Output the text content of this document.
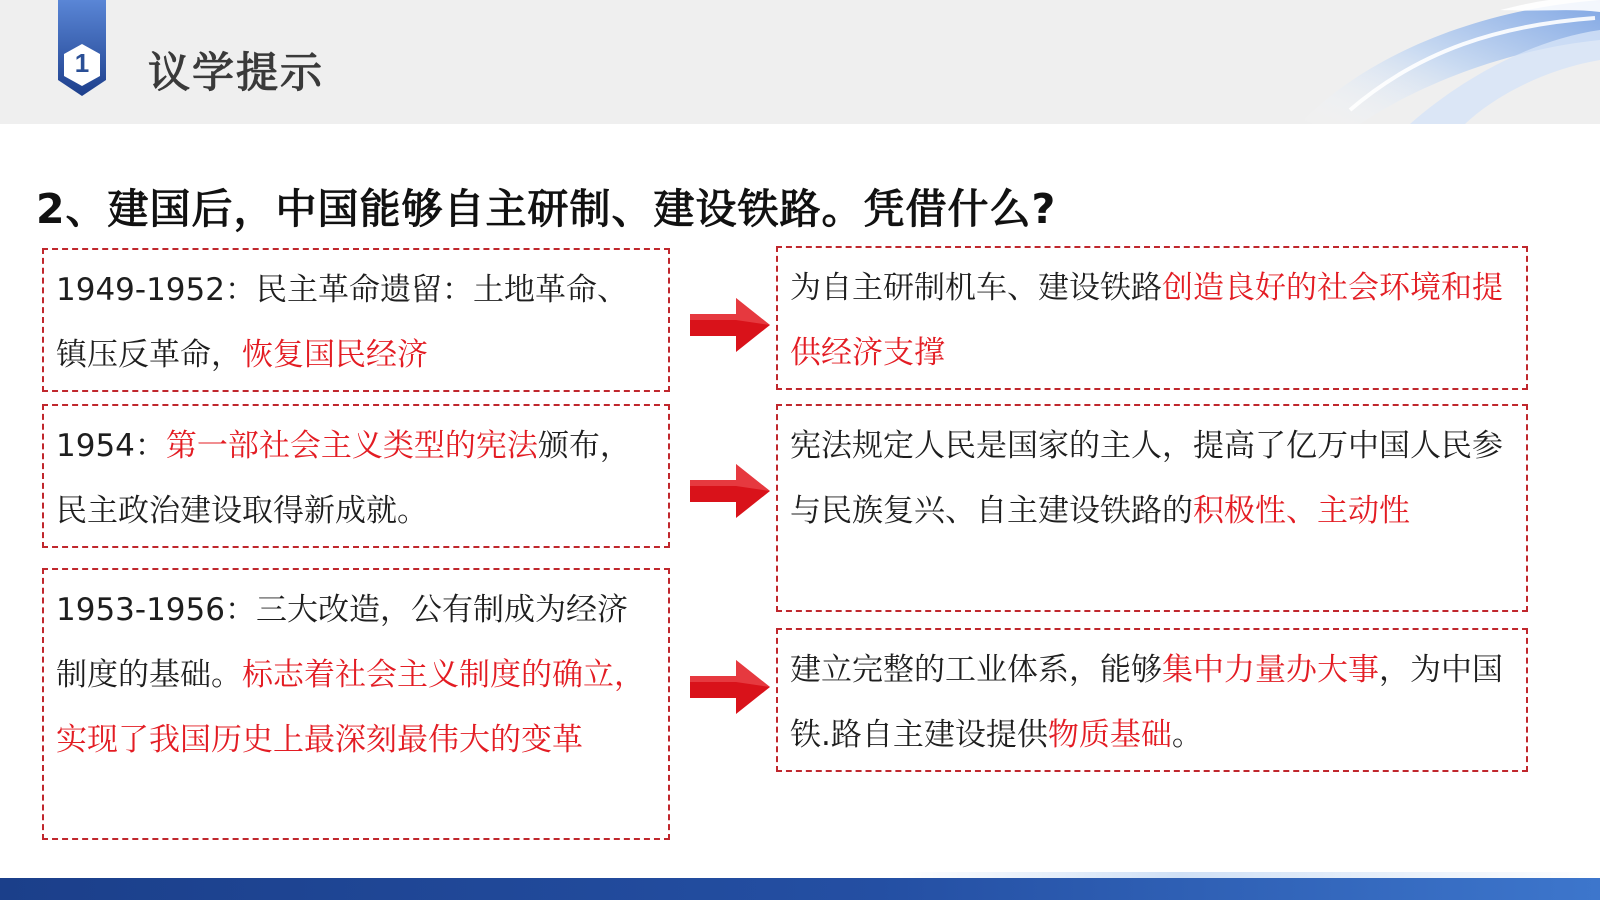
1	议学提示
2、建国后，中国能够自主研制、建设铁路。凭借什么?
1949-1952：民主革命遗留：土地革命、镇压反革命，恢复国民经济
1954：第一部社会主义类型的宪法颁布，民主政治建设取得新成就。
1953-1956：三大改造，公有制成为经济制度的基础。标志着社会主义制度的确立，实现了我国历史上最深刻最伟大的变革
为自主研制机车、建设铁路创造良好的社会环境和提供经济支撑
宪法规定人民是国家的主人，提高了亿万中国人民参与民族复兴、自主建设铁路的积极性、主动性
建立完整的工业体系，能够集中力量办大事，为中国铁.路自主建设提供物质基础。
